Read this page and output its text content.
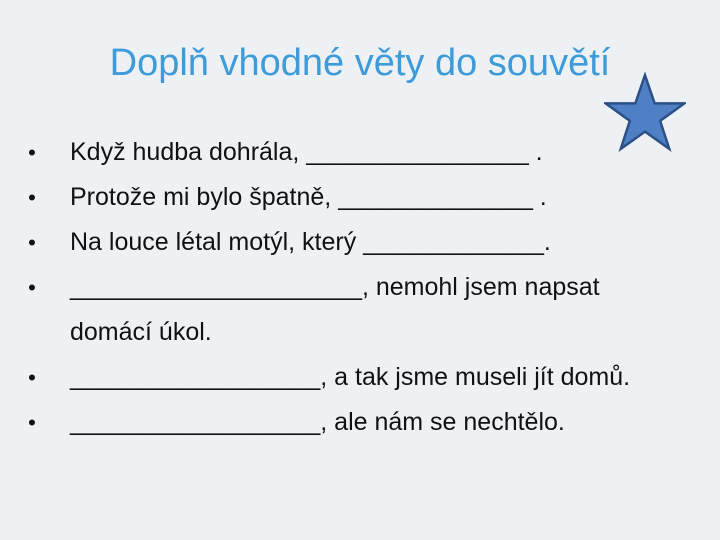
Doplň vhodné věty do souvětí
• Když hudba dohrála, ________________ .
• Protože mi bylo špatně, ______________ .
• Na louce létal motýl, který _____________.
• _____________________, nemohl jsem napsat domácí úkol.
• __________________, a tak jsme museli jít domů.
• __________________, ale nám se nechtělo.
